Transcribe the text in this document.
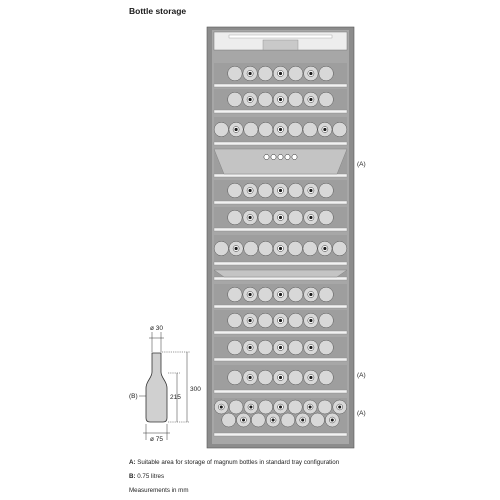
Bottle storage
(A)
(A)
(A)
ø 30
ø 75
300
215
(B)
A: Suitable area for storage of magnum bottles in standard tray configuration
B: 0.75 litres
Measurements in mm
